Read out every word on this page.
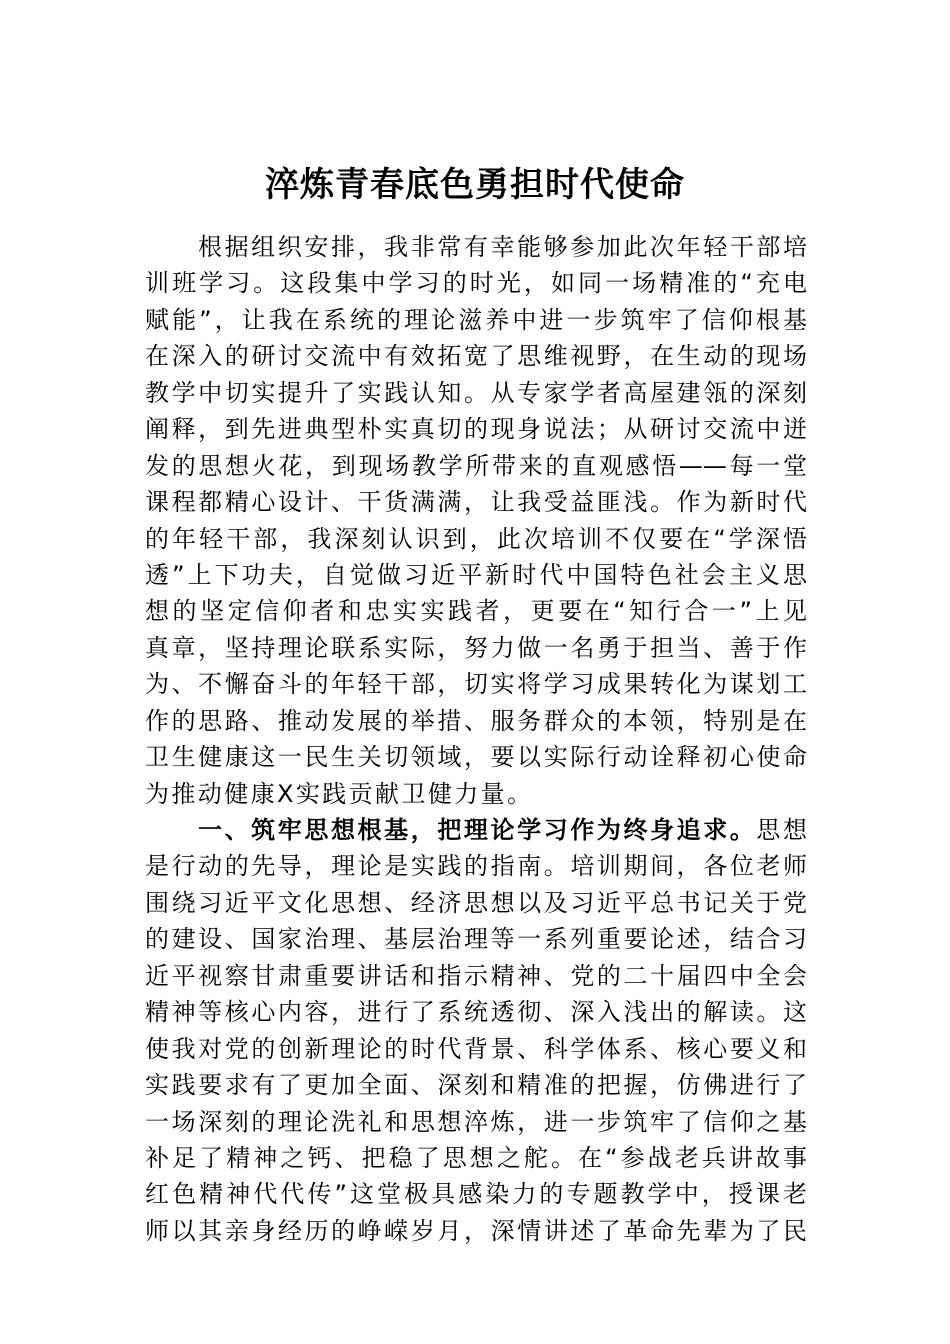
淬炼青春底色勇担时代使命
根据组织安排，我非常有幸能够参加此次年轻干部培
训班学习。这段集中学习的时光，如同一场精准的“充电
赋能”，让我在系统的理论滋养中进一步筑牢了信仰根基
在深入的研讨交流中有效拓宽了思维视野，在生动的现场
教学中切实提升了实践认知。从专家学者高屋建瓴的深刻
阐释，到先进典型朴实真切的现身说法；从研讨交流中迸
发的思想火花，到现场教学所带来的直观感悟——每一堂
课程都精心设计、干货满满，让我受益匪浅。作为新时代
的年轻干部，我深刻认识到，此次培训不仅要在“学深悟
透”上下功夫，自觉做习近平新时代中国特色社会主义思
想的坚定信仰者和忠实实践者，更要在“知行合一”上见
真章，坚持理论联系实际，努力做一名勇于担当、善于作
为、不懈奋斗的年轻干部，切实将学习成果转化为谋划工
作的思路、推动发展的举措、服务群众的本领，特别是在
卫生健康这一民生关切领域，要以实际行动诠释初心使命
为推动健康X实践贡献卫健力量。
一、筑牢思想根基，把理论学习作为终身追求。思想
是行动的先导，理论是实践的指南。培训期间，各位老师
围绕习近平文化思想、经济思想以及习近平总书记关于党
的建设、国家治理、基层治理等一系列重要论述，结合习
近平视察甘肃重要讲话和指示精神、党的二十届四中全会
精神等核心内容，进行了系统透彻、深入浅出的解读。这
使我对党的创新理论的时代背景、科学体系、核心要义和
实践要求有了更加全面、深刻和精准的把握，仿佛进行了
一场深刻的理论洗礼和思想淬炼，进一步筑牢了信仰之基
补足了精神之钙、把稳了思想之舵。在“参战老兵讲故事
红色精神代代传”这堂极具感染力的专题教学中，授课老
师以其亲身经历的峥嵘岁月，深情讲述了革命先辈为了民
